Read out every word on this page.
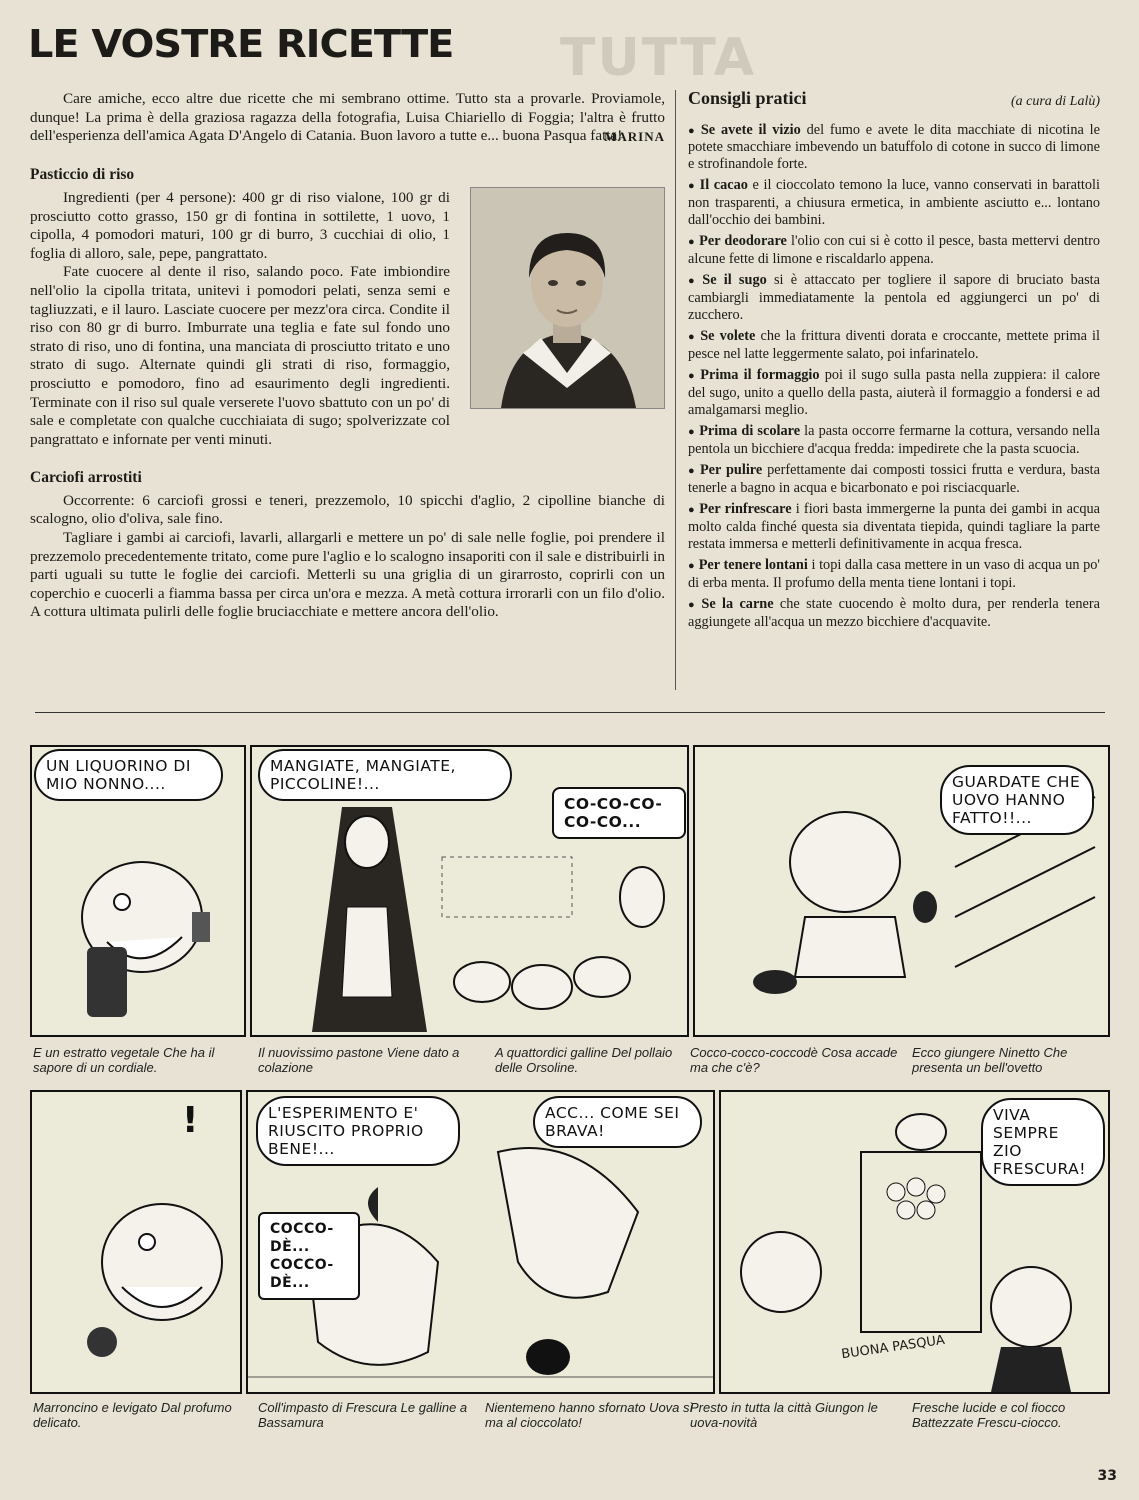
TUTTA
LE VOSTRE RICETTE

Care amiche, ecco altre due ricette che mi sembrano ottime. Tutto sta a provarle. Proviamole, dunque! La prima è della graziosa ragazza della fotografia, Luisa Chiariello di Foggia; l'altra è frutto dell'esperienza dell'amica Agata D'Angelo di Catania. Buon lavoro a tutte e... buona Pasqua fatta!

MARINA
Pasticcio di riso

Ingredienti (per 4 persone): 400 gr di riso vialone, 100 gr di prosciutto cotto grasso, 150 gr di fontina in sottilette, 1 uovo, 1 cipolla, 4 pomodori maturi, 100 gr di burro, 3 cucchiai di olio, 1 foglia di alloro, sale, pepe, pangrattato.

Fate cuocere al dente il riso, salando poco. Fate imbiondire nell'olio la cipolla tritata, unitevi i pomodori pelati, senza semi e tagliuzzati, e il lauro. Lasciate cuocere per mezz'ora circa. Condite il riso con 80 gr di burro. Imburrate una teglia e fate sul fondo uno strato di riso, uno di fontina, una manciata di prosciutto tritato e uno strato di sugo. Alternate quindi gli strati di riso, formaggio, prosciutto e pomodoro, fino ad esaurimento degli ingredienti. Terminate con il riso sul quale verserete l'uovo sbattuto con un po' di sale e completate con qualche cucchiaiata di sugo; spolverizzate col pangrattato e infornate per venti minuti.

Carciofi arrostiti

Occorrente: 6 carciofi grossi e teneri, prezzemolo, 10 spicchi d'aglio, 2 cipolline bianche di scalogno, olio d'oliva, sale fino.

Tagliare i gambi ai carciofi, lavarli, allargarli e mettere un po' di sale nelle foglie, poi prendere il prezzemolo precedentemente tritato, come pure l'aglio e lo scalogno insaporiti con il sale e distribuirli in parti uguali su tutte le foglie dei carciofi. Metterli su una griglia di un girarrosto, coprirli con un coperchio e cuocerli a fiamma bassa per circa un'ora e mezza. A metà cottura irrorarli con un filo d'olio. A cottura ultimata pulirli delle foglie bruciacchiate e mettere ancora dell'olio.

Consigli pratici	(a cura di Lalù)

● Se avete il vizio del fumo e avete le dita macchiate di nicotina le potete smacchiare imbevendo un batuffolo di cotone in succo di limone e strofinandole forte.

● Il cacao e il cioccolato temono la luce, vanno conservati in barattoli non trasparenti, a chiusura ermetica, in ambiente asciutto e... lontano dall'occhio dei bambini.

● Per deodorare l'olio con cui si è cotto il pesce, basta mettervi dentro alcune fette di limone e riscaldarlo appena.

● Se il sugo si è attaccato per togliere il sapore di bruciato basta cambiargli immediatamente la pentola ed aggiungerci un po' di zucchero.

● Se volete che la frittura diventi dorata e croccante, mettete prima il pesce nel latte leggermente salato, poi infarinatelo.

● Prima il formaggio poi il sugo sulla pasta nella zuppiera: il calore del sugo, unito a quello della pasta, aiuterà il formaggio a fondersi e ad amalgamarsi meglio.

● Prima di scolare la pasta occorre fermarne la cottura, versando nella pentola un bicchiere d'acqua fredda: impedirete che la pasta scuocia.

● Per pulire perfettamente dai composti tossici frutta e verdura, basta tenerle a bagno in acqua e bicarbonato e poi risciacquarle.

● Per rinfrescare i fiori basta immergerne la punta dei gambi in acqua molto calda finché questa sia diventata tiepida, quindi tagliare la parte restata immersa e metterli definitivamente in acqua fresca.

● Per tenere lontani i topi dalla casa mettere in un vaso di acqua un po' di erba menta. Il profumo della menta tiene lontani i topi.

● Se la carne che state cuocendo è molto dura, per renderla tenera aggiungete all'acqua un mezzo bicchiere d'acquavite.

UN LIQUORINO DI MIO NONNO....
MANGIATE, MANGIATE, PICCOLINE!...
CO-CO-CO-CO-CO...
GUARDATE CHE UOVO HANNO FATTO!!...
E un estratto vegetale Che ha il sapore di un cordiale.
Il nuovissimo pastone Viene dato a colazione
A quattordici galline Del pollaio delle Orsoline.
Cocco-cocco-coccodè Cosa accade ma che c'è?
Ecco giungere Ninetto Che presenta un bell'ovetto
!	L'ESPERIMENTO E' RIUSCITO PROPRIO BENE!...
ACC... COME SEI BRAVA!
COCCO-DÈ... COCCO-DÈ...
VIVA SEMPRE ZIO FRESCURA!
BUONA PASQUA
Marroncino e levigato Dal profumo delicato.
Coll'impasto di Frescura Le galline a Bassamura
Nientemeno hanno sfornato Uova sì ma al cioccolato!
Presto in tutta la città Giungon le uova-novità
Fresche lucide e col fiocco Battezzate Frescu-ciocco.
33
